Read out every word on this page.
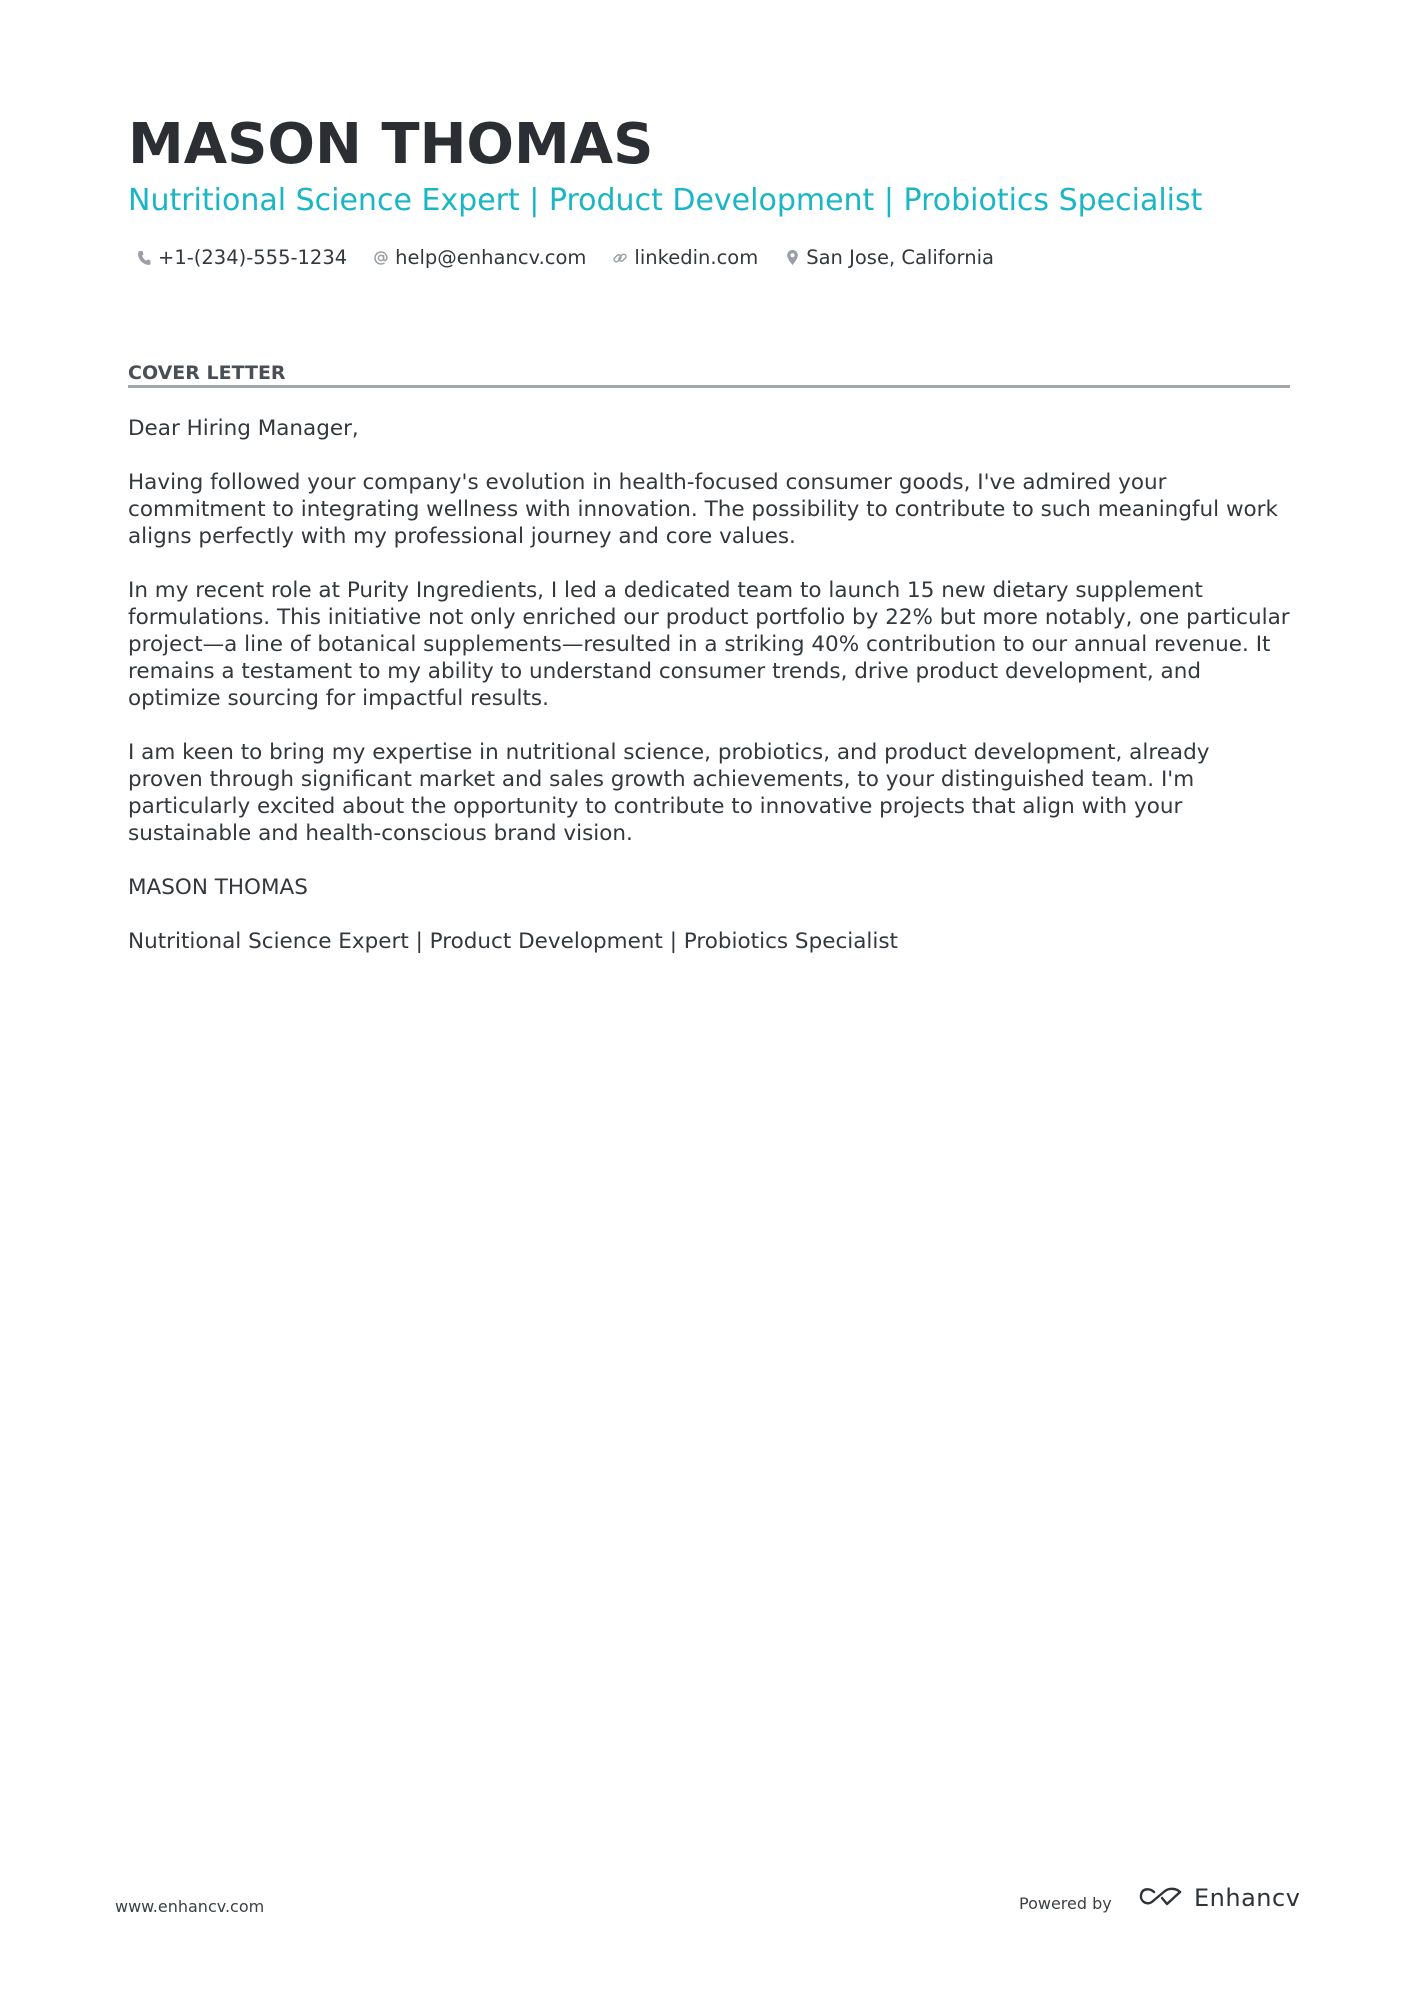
MASON THOMAS
Nutritional Science Expert | Product Development | Probiotics Specialist
+1-(234)-555-1234 help@enhancv.com linkedin.com San Jose, California
COVER LETTER

Dear Hiring Manager,

Having followed your company's evolution in health-focused consumer goods, I've admired your commitment to integrating wellness with innovation. The possibility to contribute to such meaningful work aligns perfectly with my professional journey and core values.

In my recent role at Purity Ingredients, I led a dedicated team to launch 15 new dietary supplement formulations. This initiative not only enriched our product portfolio by 22% but more notably, one particular project—a line of botanical supplements—resulted in a striking 40% contribution to our annual revenue. It remains a testament to my ability to understand consumer trends, drive product development, and optimize sourcing for impactful results.

I am keen to bring my expertise in nutritional science, probiotics, and product development, already proven through significant market and sales growth achievements, to your distinguished team. I'm particularly excited about the opportunity to contribute to innovative projects that align with your sustainable and health-conscious brand vision.

MASON THOMAS

Nutritional Science Expert | Product Development | Probiotics Specialist

www.enhancv.com	Powered by	Enhancv
